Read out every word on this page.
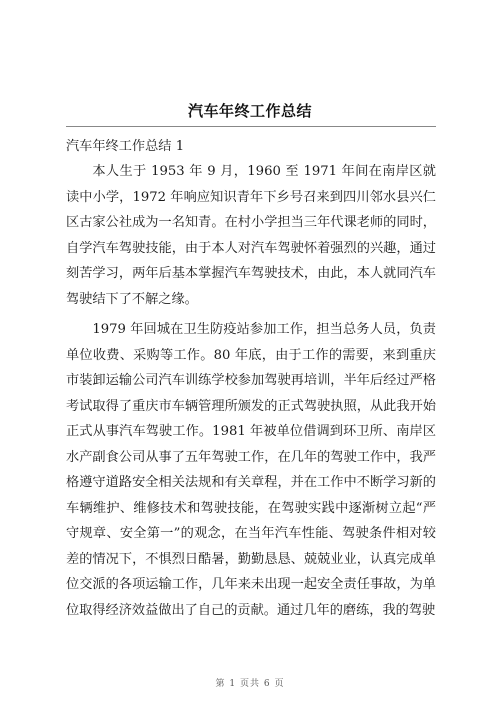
汽车年终工作总结

汽车年终工作总结 1

本人生于 1953 年 9 月，1960 至 1971 年间在南岸区就读中小学，1972 年响应知识青年下乡号召来到四川邻水县兴仁区古家公社成为一名知青。在村小学担当三年代课老师的同时，自学汽车驾驶技能，由于本人对汽车驾驶怀着强烈的兴趣，通过刻苦学习，两年后基本掌握汽车驾驶技术，由此，本人就同汽车驾驶结下了不解之缘。

1979 年回城在卫生防疫站参加工作，担当总务人员，负责单位收费、采购等工作。80 年底，由于工作的需要，来到重庆市装卸运输公司汽车训练学校参加驾驶再培训，半年后经过严格考试取得了重庆市车辆管理所颁发的正式驾驶执照，从此我开始正式从事汽车驾驶工作。1981 年被单位借调到环卫所、南岸区水产副食公司从事了五年驾驶工作，在几年的驾驶工作中，我严格遵守道路安全相关法规和有关章程，并在工作中不断学习新的车辆维护、维修技术和驾驶技能，在驾驶实践中逐渐树立起“严守规章、安全第一”的观念，在当年汽车性能、驾驶条件相对较差的情况下，不惧烈日酷暑，勤勤恳恳、兢兢业业，认真完成单位交派的各项运输工作，几年来未出现一起安全责任事故，为单位取得经济效益做出了自己的贡献。通过几年的磨练，我的驾驶

第 1 页共 6 页
